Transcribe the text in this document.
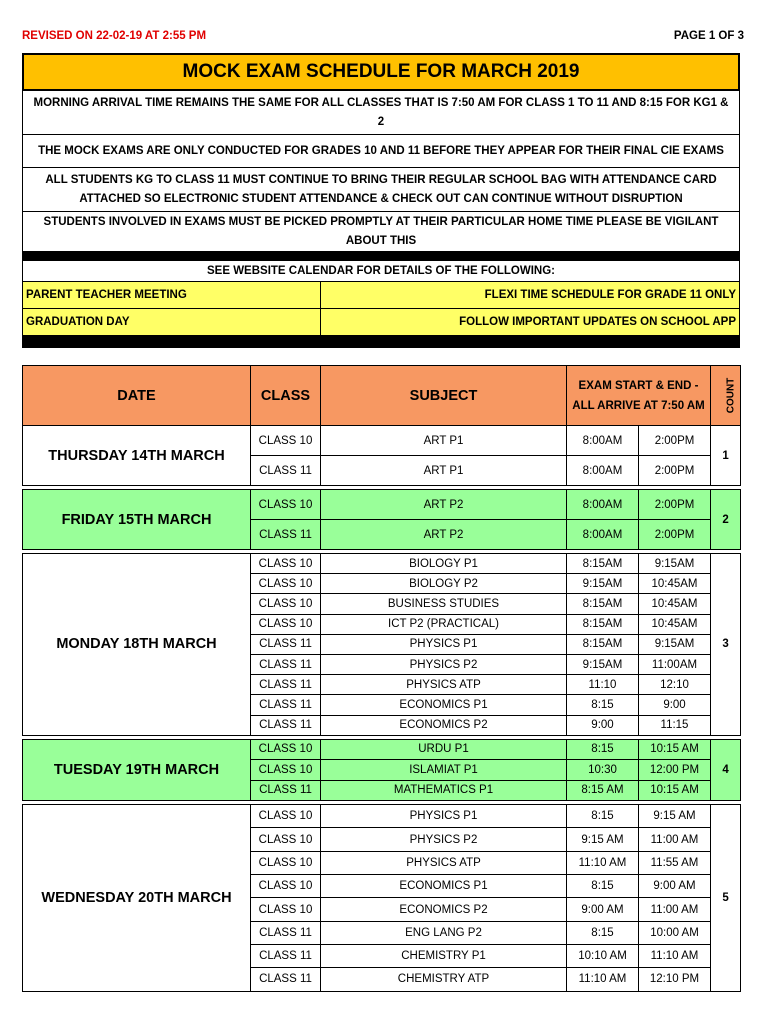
REVISED ON 22-02-19 AT 2:55 PM	PAGE 1 OF 3
MOCK EXAM SCHEDULE FOR MARCH 2019
MORNING ARRIVAL TIME REMAINS THE SAME FOR ALL CLASSES THAT IS 7:50 AM FOR CLASS 1 TO 11 AND 8:15 FOR KG1 & 2
THE MOCK EXAMS ARE ONLY CONDUCTED FOR GRADES 10 AND 11 BEFORE THEY APPEAR FOR THEIR FINAL CIE EXAMS
ALL STUDENTS KG TO CLASS 11 MUST CONTINUE TO BRING THEIR REGULAR SCHOOL BAG WITH ATTENDANCE CARD ATTACHED SO ELECTRONIC STUDENT ATTENDANCE & CHECK OUT CAN CONTINUE WITHOUT DISRUPTION
STUDENTS INVOLVED IN EXAMS MUST BE PICKED PROMPTLY AT THEIR PARTICULAR HOME TIME PLEASE BE VIGILANT ABOUT THIS
SEE WEBSITE CALENDAR FOR DETAILS OF THE FOLLOWING:
PARENT TEACHER MEETING	FLEXI TIME SCHEDULE FOR GRADE 11 ONLY
GRADUATION DAY	FOLLOW IMPORTANT UPDATES ON SCHOOL APP
DATE	CLASS	SUBJECT	EXAM START & END - ALL ARRIVE AT 7:50 AM		COUNT
THURSDAY 14TH MARCH	CLASS 10	ART P1	8:00AM	2:00PM	1
	CLASS 11	ART P1	8:00AM	2:00PM	

FRIDAY 15TH MARCH	CLASS 10	ART P2	8:00AM	2:00PM	2
	CLASS 11	ART P2	8:00AM	2:00PM	

MONDAY 18TH MARCH	CLASS 10	BIOLOGY P1	8:15AM	9:15AM	3
	CLASS 10	BIOLOGY P2	9:15AM	10:45AM	
	CLASS 10	BUSINESS STUDIES	8:15AM	10:45AM	
	CLASS 10	ICT P2 (PRACTICAL)	8:15AM	10:45AM	
	CLASS 11	PHYSICS P1	8:15AM	9:15AM	
	CLASS 11	PHYSICS P2	9:15AM	11:00AM	
	CLASS 11	PHYSICS ATP	11:10	12:10	
	CLASS 11	ECONOMICS P1	8:15	9:00	
	CLASS 11	ECONOMICS P2	9:00	11:15	

TUESDAY 19TH MARCH	CLASS 10	URDU P1	8:15	10:15 AM	4
	CLASS 10	ISLAMIAT P1	10:30	12:00 PM	
	CLASS 11	MATHEMATICS P1	8:15 AM	10:15 AM	

WEDNESDAY 20TH MARCH	CLASS 10	PHYSICS P1	8:15	9:15 AM	5
	CLASS 10	PHYSICS P2	9:15 AM	11:00 AM	
	CLASS 10	PHYSICS ATP	11:10 AM	11:55 AM	
	CLASS 10	ECONOMICS P1	8:15	9:00 AM	
	CLASS 10	ECONOMICS P2	9:00 AM	11:00 AM	
	CLASS 11	ENG LANG P2	8:15	10:00 AM	
	CLASS 11	CHEMISTRY P1	10:10 AM	11:10 AM	
	CLASS 11	CHEMISTRY ATP	11:10 AM	12:10 PM	
